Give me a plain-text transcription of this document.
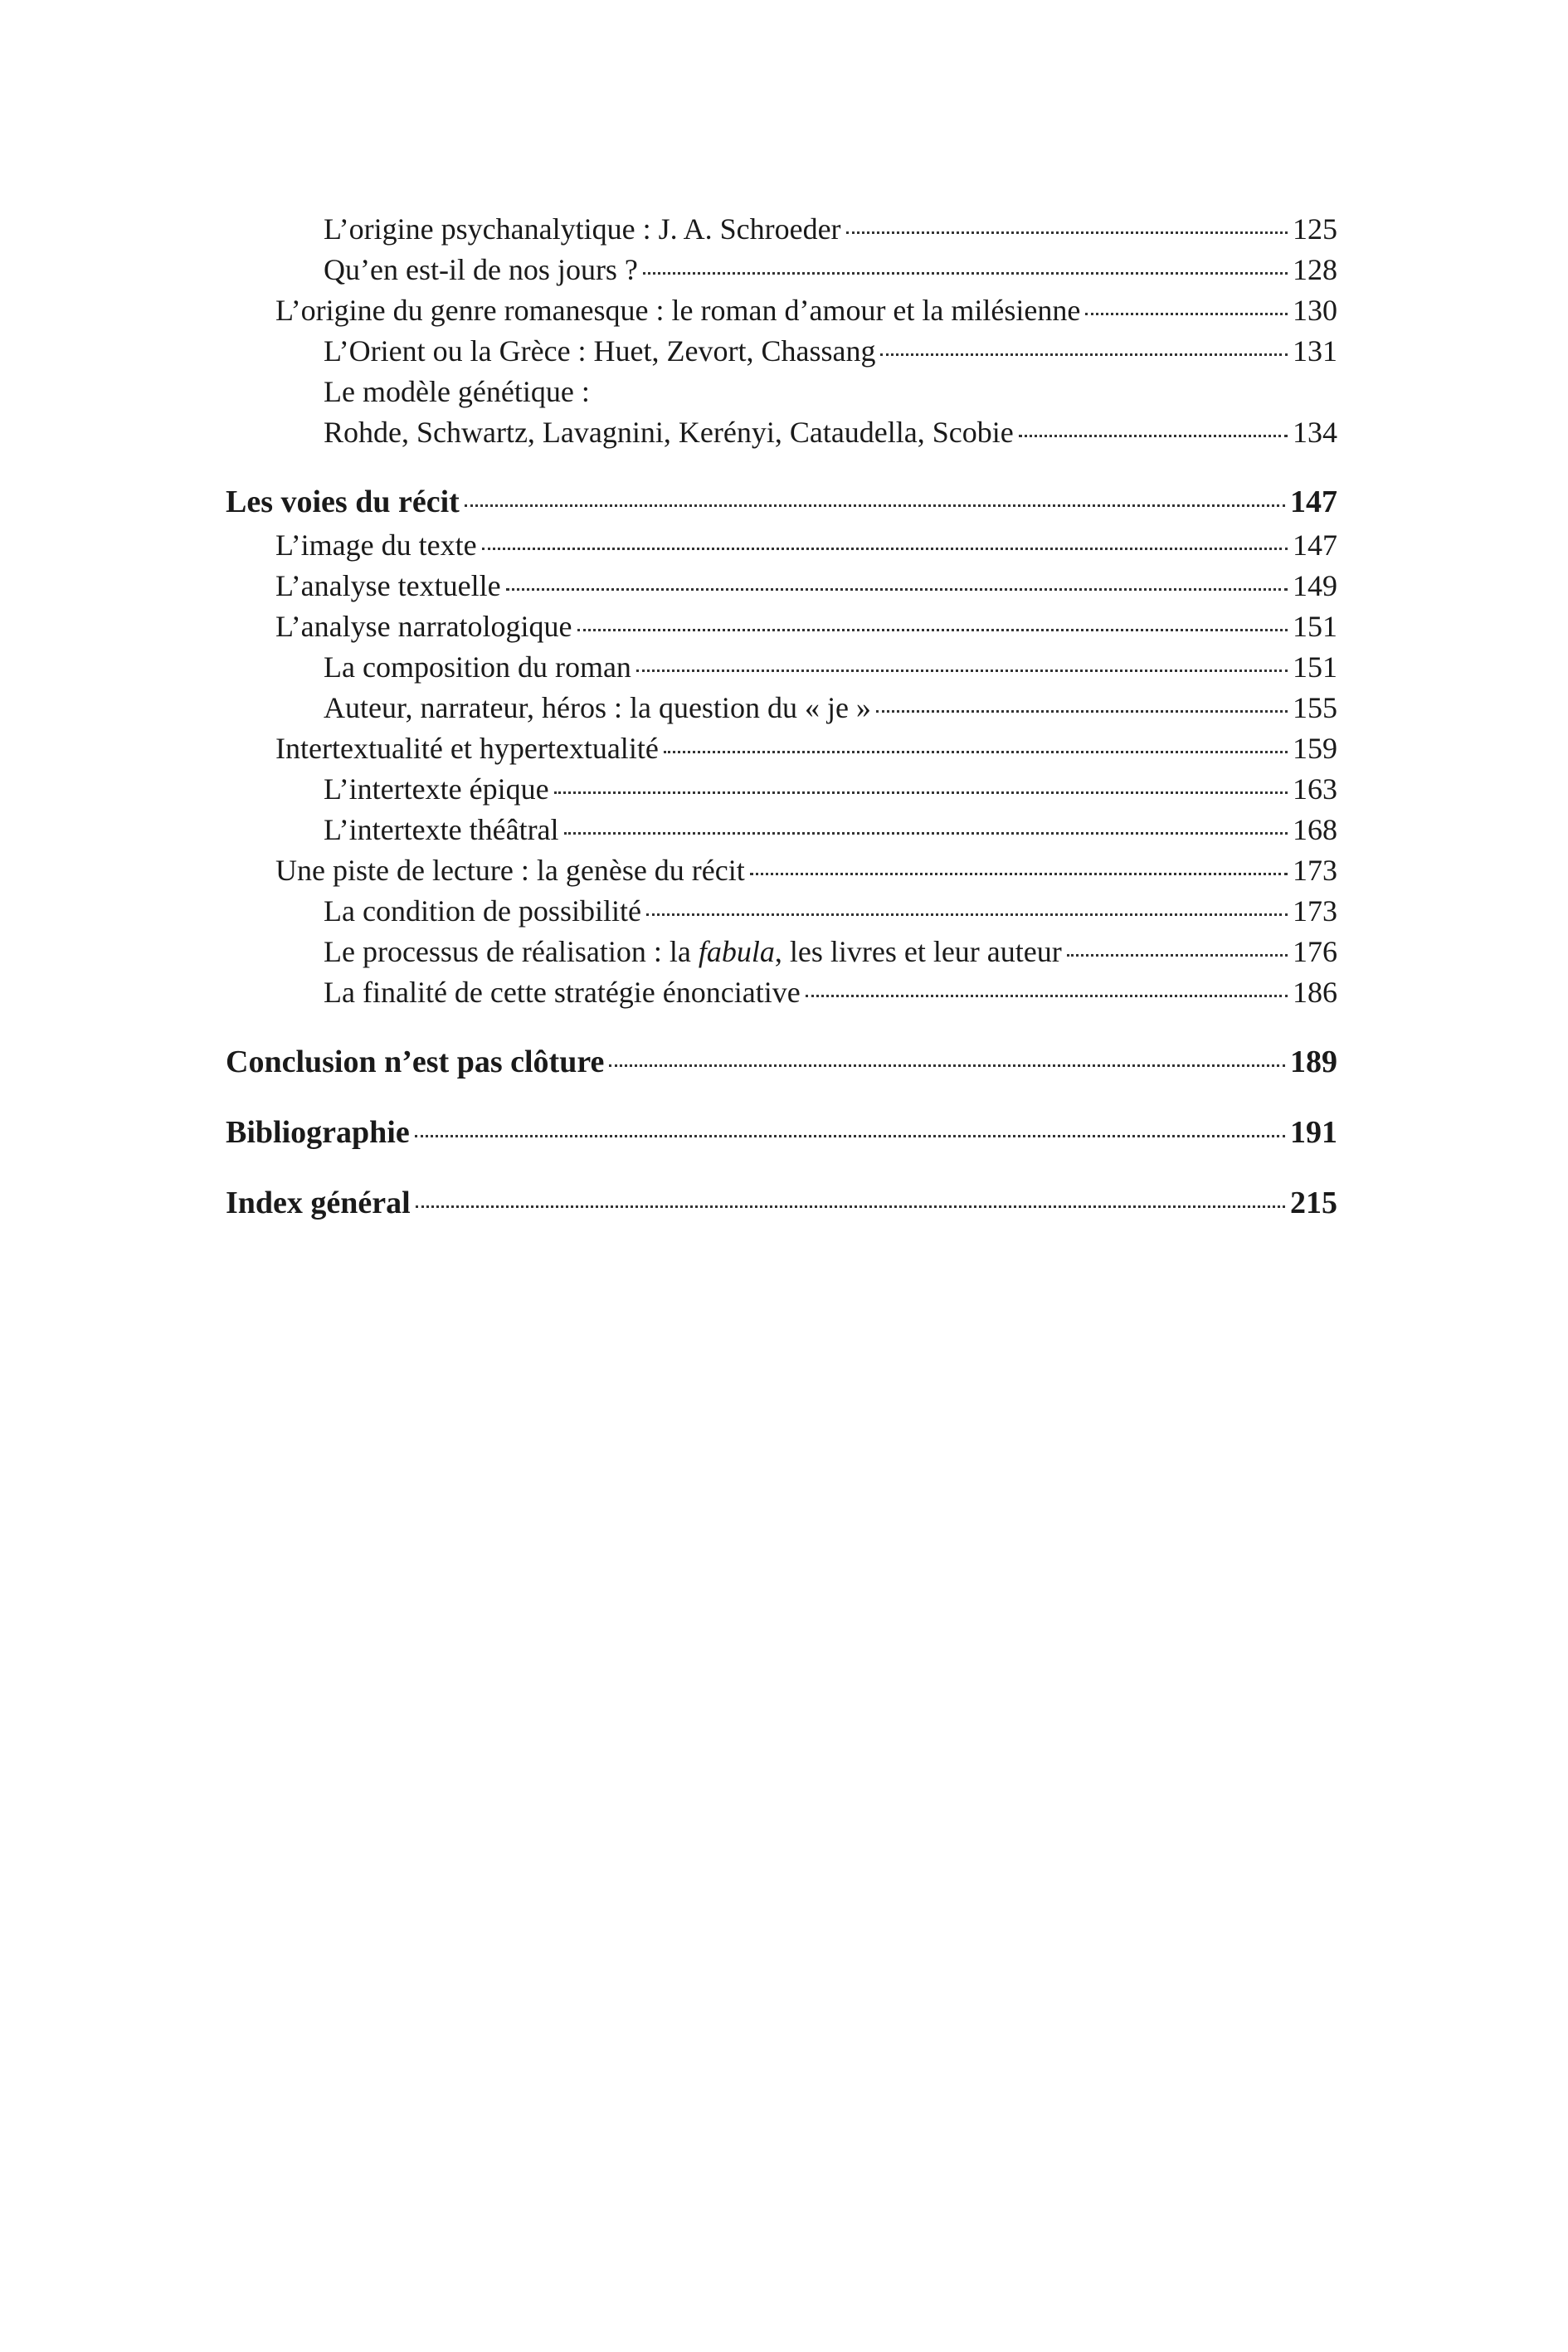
L’origine psychanalytique : J. A. Schroeder	125
Qu’en est-il de nos jours ?	128
L’origine du genre romanesque : le roman d’amour et la milésienne	130
L’Orient ou la Grèce : Huet, Zevort, Chassang	131
Le modèle génétique :
Rohde, Schwartz, Lavagnini, Kerényi, Cataudella, Scobie	134
Les voies du récit	147
L’image du texte	147
L’analyse textuelle	149
L’analyse narratologique	151
La composition du roman	151
Auteur, narrateur, héros : la question du « je »	155
Intertextualité et hypertextualité	159
L’intertexte épique	163
L’intertexte théâtral	168
Une piste de lecture : la genèse du récit	173
La condition de possibilité	173
Le processus de réalisation : la fabula, les livres et leur auteur	176
La finalité de cette stratégie énonciative	186
Conclusion n’est pas clôture	189
Bibliographie	191
Index général	215
